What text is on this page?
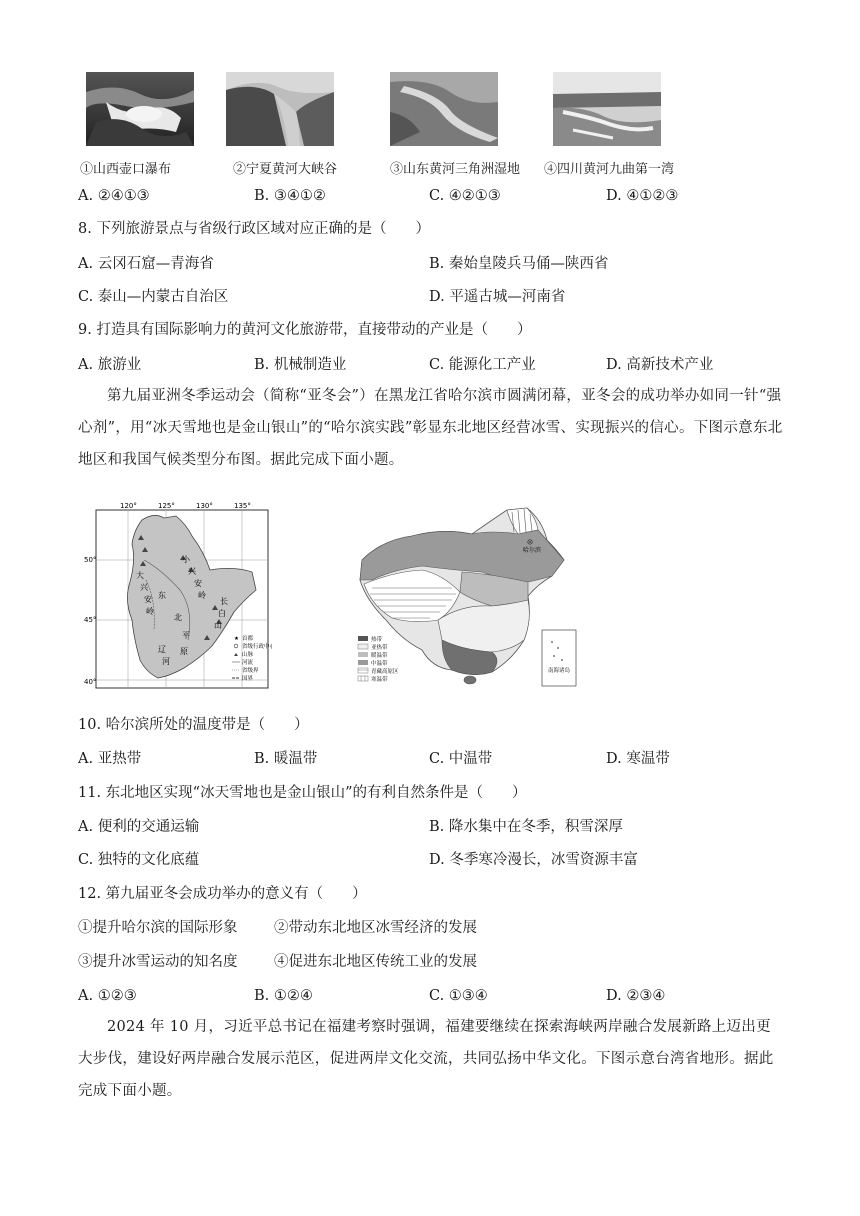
①山西壶口瀑布	②宁夏黄河大峡谷	③山东黄河三角洲湿地 ④四川黄河九曲第一湾
A. ②④①③	B. ③④①②	C. ④②①③	D. ④①②③
8. 下列旅游景点与省级行政区域对应正确的是（　　）
A. 云冈石窟—青海省	B. 秦始皇陵兵马俑—陕西省
C. 泰山—内蒙古自治区	D. 平遥古城—河南省
9. 打造具有国际影响力的黄河文化旅游带，直接带动的产业是（　　）
A. 旅游业	B. 机械制造业	C. 能源化工产业	D. 高新技术产业
第九届亚洲冬季运动会（简称“亚冬会”）在黑龙江省哈尔滨市圆满闭幕，亚冬会的成功举办如同一针“强心剂”，用“冰天雪地也是金山银山”的“哈尔滨实践”彰显东北地区经营冰雪、实现振兴的信心。下图示意东北地区和我国气候类型分布图。据此完成下面小题。
120°	125°	130°	135°
50°
45°
40°
大
兴
安
岭
东
北
平
原
辽
河
小
兴
安
岭
长
白
山
★ 首都
省级行政中心
山脉
河流
省级界
国界
哈尔滨
热带
亚热带
暖温带
中温带
青藏高原区
寒温带
南海诸岛
10. 哈尔滨所处的温度带是（　　）
A. 亚热带	B. 暖温带	C. 中温带	D. 寒温带
11. 东北地区实现“冰天雪地也是金山银山”的有利自然条件是（　　）
A. 便利的交通运输	B. 降水集中在冬季，积雪深厚
C. 独特的文化底蕴	D. 冬季寒冷漫长，冰雪资源丰富
12. 第九届亚冬会成功举办的意义有（　　）
①提升哈尔滨的国际形象	②带动东北地区冰雪经济的发展
③提升冰雪运动的知名度	④促进东北地区传统工业的发展
A. ①②③	B. ①②④	C. ①③④	D. ②③④
2024 年 10 月，习近平总书记在福建考察时强调，福建要继续在探索海峡两岸融合发展新路上迈出更大步伐，建设好两岸融合发展示范区，促进两岸文化交流，共同弘扬中华文化。下图示意台湾省地形。据此完成下面小题。
